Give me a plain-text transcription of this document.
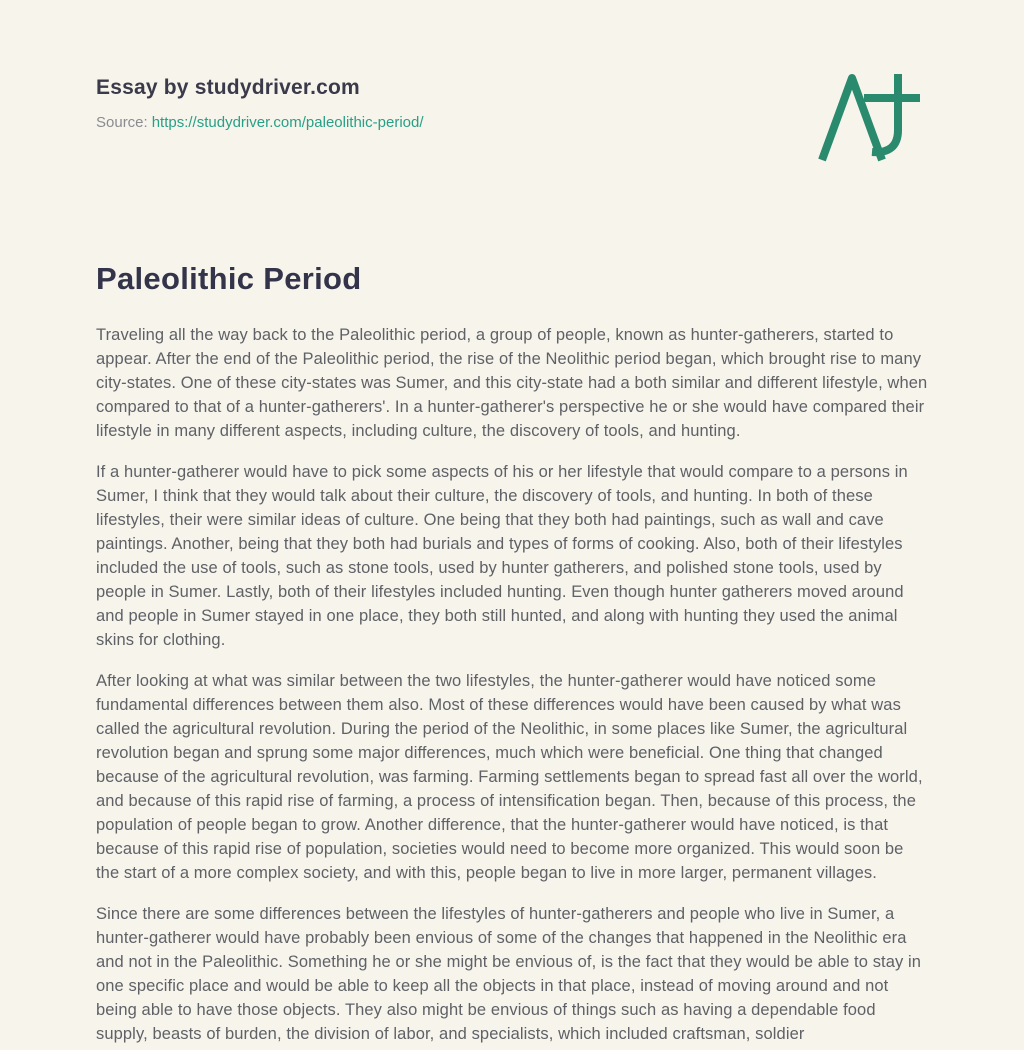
Essay by studydriver.com
Source: https://studydriver.com/paleolithic-period/
Paleolithic Period

Traveling all the way back to the Paleolithic period, a group of people, known as hunter-gatherers, started to appear. After the end of the Paleolithic period, the rise of the Neolithic period began, which brought rise to many city-states. One of these city-states was Sumer, and this city-state had a both similar and different lifestyle, when compared to that of a hunter-gatherers'. In a hunter-gatherer's perspective he or she would have compared their lifestyle in many different aspects, including culture, the discovery of tools, and hunting.

If a hunter-gatherer would have to pick some aspects of his or her lifestyle that would compare to a persons in Sumer, I think that they would talk about their culture, the discovery of tools, and hunting. In both of these lifestyles, their were similar ideas of culture. One being that they both had paintings, such as wall and cave paintings. Another, being that they both had burials and types of forms of cooking. Also, both of their lifestyles included the use of tools, such as stone tools, used by hunter gatherers, and polished stone tools, used by people in Sumer. Lastly, both of their lifestyles included hunting. Even though hunter gatherers moved around and people in Sumer stayed in one place, they both still hunted, and along with hunting they used the animal skins for clothing.

After looking at what was similar between the two lifestyles, the hunter-gatherer would have noticed some fundamental differences between them also. Most of these differences would have been caused by what was called the agricultural revolution. During the period of the Neolithic, in some places like Sumer, the agricultural revolution began and sprung some major differences, much which were beneficial. One thing that changed because of the agricultural revolution, was farming. Farming settlements began to spread fast all over the world, and because of this rapid rise of farming, a process of intensification began. Then, because of this process, the population of people began to grow. Another difference, that the hunter-gatherer would have noticed, is that because of this rapid rise of population, societies would need to become more organized. This would soon be the start of a more complex society, and with this, people began to live in more larger, permanent villages.

Since there are some differences between the lifestyles of hunter-gatherers and people who live in Sumer, a hunter-gatherer would have probably been envious of some of the changes that happened in the Neolithic era and not in the Paleolithic. Something he or she might be envious of, is the fact that they would be able to stay in one specific place and would be able to keep all the objects in that place, instead of moving around and not being able to have those objects. They also might be envious of things such as having a dependable food supply, beasts of burden, the division of labor, and specialists, which included craftsman, soldier
